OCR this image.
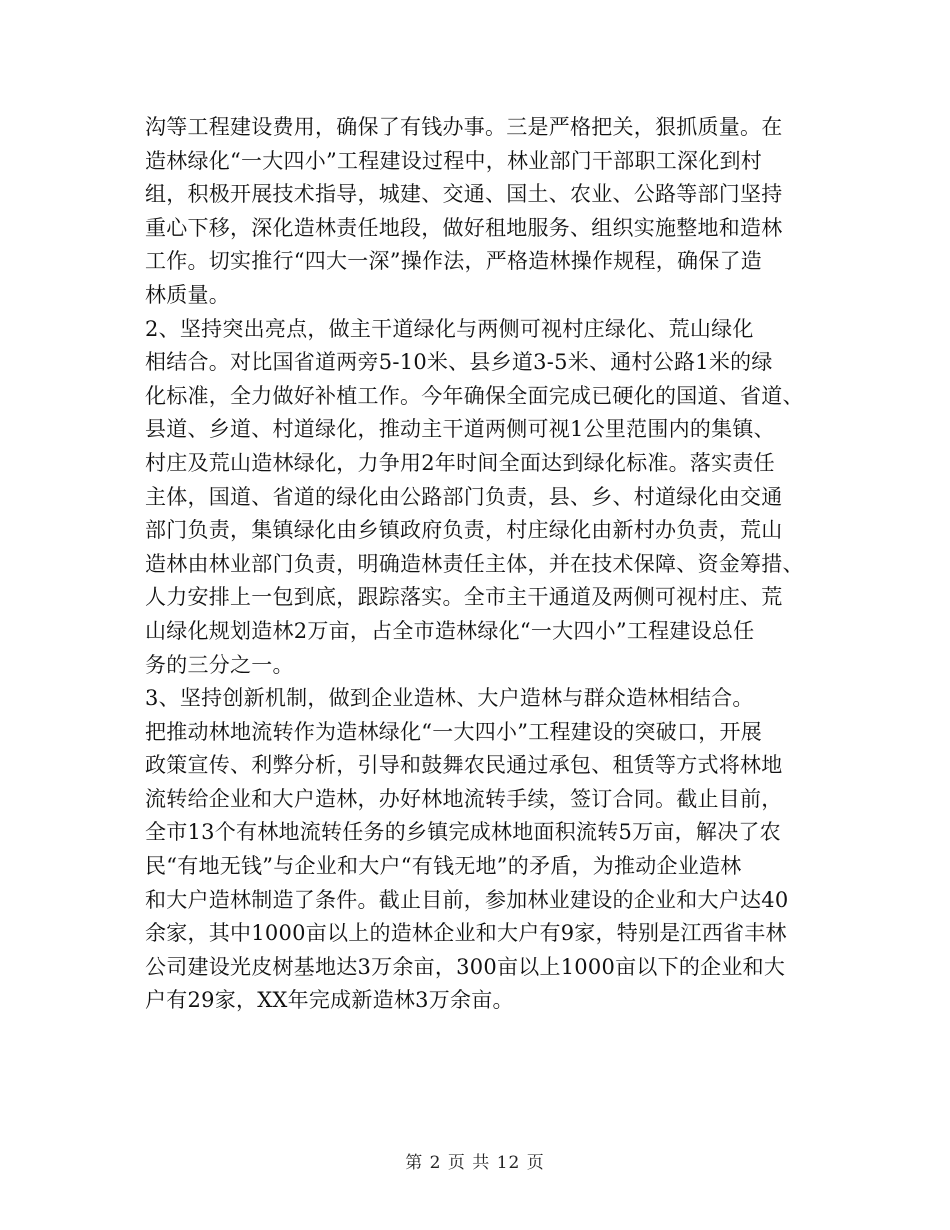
沟等工程建设费用，确保了有钱办事。三是严格把关，狠抓质量。在
造林绿化“一大四小”工程建设过程中，林业部门干部职工深化到村
组，积极开展技术指导，城建、交通、国土、农业、公路等部门坚持
重心下移，深化造林责任地段，做好租地服务、组织实施整地和造林
工作。切实推行“四大一深”操作法，严格造林操作规程，确保了造
林质量。
2、坚持突出亮点，做主干道绿化与两侧可视村庄绿化、荒山绿化
相结合。对比国省道两旁5-10米、县乡道3-5米、通村公路1米的绿
化标准，全力做好补植工作。今年确保全面完成已硬化的国道、省道、
县道、乡道、村道绿化，推动主干道两侧可视1公里范围内的集镇、
村庄及荒山造林绿化，力争用2年时间全面达到绿化标准。落实责任
主体，国道、省道的绿化由公路部门负责，县、乡、村道绿化由交通
部门负责，集镇绿化由乡镇政府负责，村庄绿化由新村办负责，荒山
造林由林业部门负责，明确造林责任主体，并在技术保障、资金筹措、
人力安排上一包到底，跟踪落实。全市主干通道及两侧可视村庄、荒
山绿化规划造林2万亩，占全市造林绿化“一大四小”工程建设总任
务的三分之一。
3、坚持创新机制，做到企业造林、大户造林与群众造林相结合。
把推动林地流转作为造林绿化“一大四小”工程建设的突破口，开展
政策宣传、利弊分析，引导和鼓舞农民通过承包、租赁等方式将林地
流转给企业和大户造林，办好林地流转手续，签订合同。截止目前，
全市13个有林地流转任务的乡镇完成林地面积流转5万亩，解决了农
民“有地无钱”与企业和大户“有钱无地”的矛盾，为推动企业造林
和大户造林制造了条件。截止目前，参加林业建设的企业和大户达40
余家，其中1000亩以上的造林企业和大户有9家，特别是江西省丰林
公司建设光皮树基地达3万余亩，300亩以上1000亩以下的企业和大
户有29家，XX年完成新造林3万余亩。
第 2 页 共 12 页
